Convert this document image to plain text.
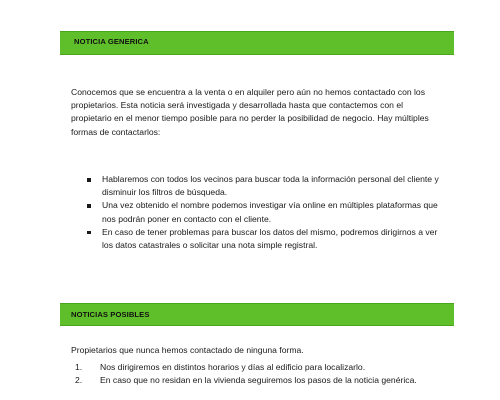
NOTICIA GENERICA
Conocemos que se encuentra a la venta o en alquiler pero aún no hemos contactado con los propietarios. Esta noticia será investigada y desarrollada hasta que contactemos con el propietario en el menor tiempo posible para no perder la posibilidad de negocio. Hay múltiples formas de contactarlos:
Hablaremos con todos los vecinos para buscar toda la información personal del cliente y disminuir los filtros de búsqueda.
Una vez obtenido el nombre podemos investigar vía online en múltiples plataformas que nos podrán poner en contacto con el cliente.
En caso de tener problemas para buscar los datos del mismo, podremos dirigirnos a ver los datos catastrales o solicitar una nota simple registral.
NOTICIAS POSIBLES
Propietarios que nunca hemos contactado de ninguna forma.
1. Nos dirigiremos en distintos horarios y días al edificio para localizarlo.
2. En caso que no residan en la vivienda seguiremos los pasos de la noticia genérica.
